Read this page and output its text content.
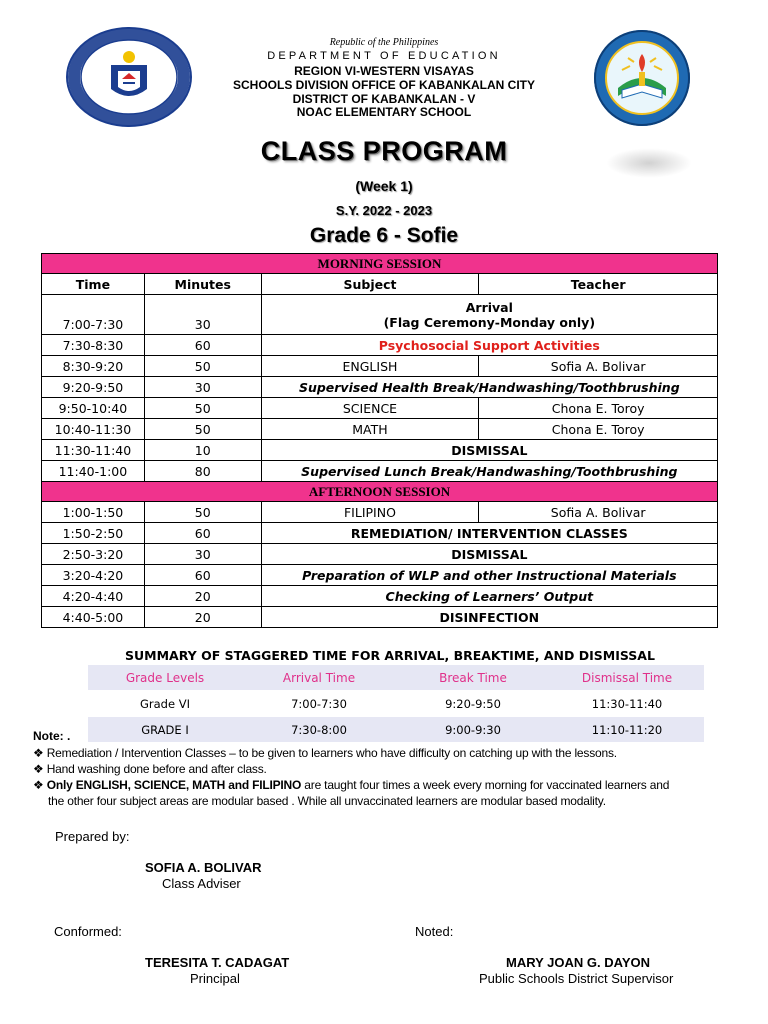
Republic of the Philippines
DEPARTMENT OF EDUCATION
REGION VI-WESTERN VISAYAS
SCHOOLS DIVISION OFFICE OF KABANKALAN CITY
DISTRICT OF KABANKALAN - V
NOAC ELEMENTARY SCHOOL
CLASS PROGRAM
(Week 1)
S.Y. 2022 - 2023
Grade 6 - Sofie
MORNING SESSION			
Time	Minutes	Subject	Teacher
7:00-7:30	30	Arrival
(Flag Ceremony-Monday only)	

7:30-8:30	60	Psychosocial Support Activities	
8:30-9:20	50	ENGLISH	Sofia A. Bolivar
9:20-9:50	30	Supervised Health Break/Handwashing/Toothbrushing	
9:50-10:40	50	SCIENCE	Chona E. Toroy
10:40-11:30	50	MATH	Chona E. Toroy
11:30-11:40	10	DISMISSAL	
11:40-1:00	80	Supervised Lunch Break/Handwashing/Toothbrushing	
AFTERNOON SESSION			
1:00-1:50	50	FILIPINO	Sofia A. Bolivar
1:50-2:50	60	REMEDIATION/ INTERVENTION CLASSES	
2:50-3:20	30	DISMISSAL	
3:20-4:20	60	Preparation of WLP and other Instructional Materials	
4:20-4:40	20	Checking of Learners’ Output	
4:40-5:00	20	DISINFECTION	
SUMMARY OF STAGGERED TIME FOR ARRIVAL, BREAKTIME, AND DISMISSAL
Grade Levels	Arrival Time	Break Time	Dismissal Time
Grade VI	7:00-7:30	9:20-9:50	11:30-11:40
GRADE I	7:30-8:00	9:00-9:30	11:10-11:20
Note: .
❖ Remediation / Intervention Classes – to be given to learners who have difficulty on catching up with the lessons.
❖ Hand washing done before and after class.
❖ Only ENGLISH, SCIENCE, MATH and FILIPINO are taught four times a week every morning for vaccinated learners and
the other four subject areas are modular based . While all unvaccinated learners are modular based modality.
Prepared by:
SOFIA A. BOLIVAR
Class Adviser
Conformed:
TERESITA T. CADAGAT
Principal
Noted:
MARY JOAN G. DAYON
Public Schools District Supervisor
